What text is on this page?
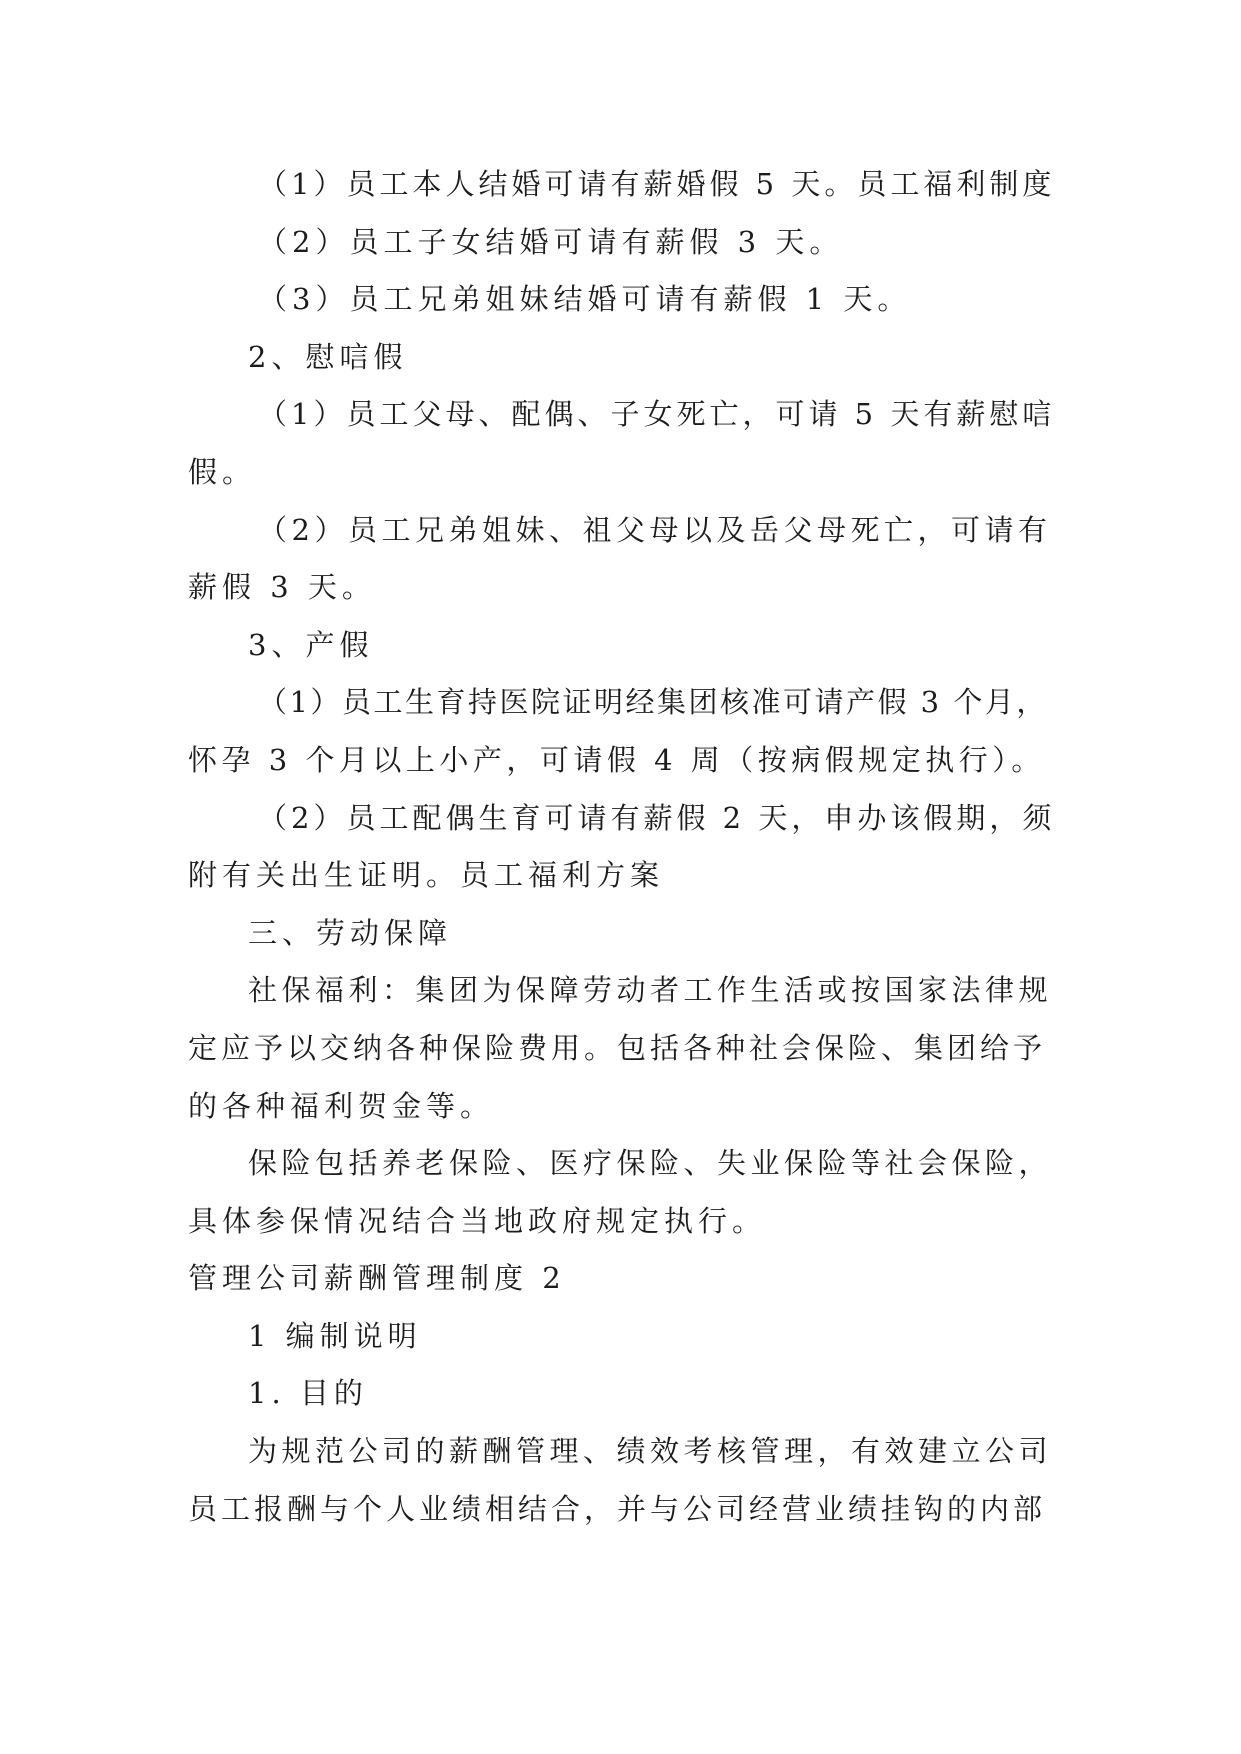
（1）员工本人结婚可请有薪婚假 5 天。员工福利制度
（2）员工子女结婚可请有薪假 3 天。
（3）员工兄弟姐妹结婚可请有薪假 1 天。
2、慰唁假
（1）员工父母、配偶、子女死亡，可请 5 天有薪慰唁
假。
（2）员工兄弟姐妹、祖父母以及岳父母死亡，可请有
薪假 3 天。
3、产假
（1）员工生育持医院证明经集团核准可请产假 3 个月，
怀孕 3 个月以上小产，可请假 4 周（按病假规定执行）。
（2）员工配偶生育可请有薪假 2 天，申办该假期，须
附有关出生证明。员工福利方案
三、劳动保障
社保福利：集团为保障劳动者工作生活或按国家法律规
定应予以交纳各种保险费用。包括各种社会保险、集团给予
的各种福利贺金等。
保险包括养老保险、医疗保险、失业保险等社会保险，
具体参保情况结合当地政府规定执行。
管理公司薪酬管理制度 2
1 编制说明
1. 目的
为规范公司的薪酬管理、绩效考核管理，有效建立公司
员工报酬与个人业绩相结合，并与公司经营业绩挂钩的内部
